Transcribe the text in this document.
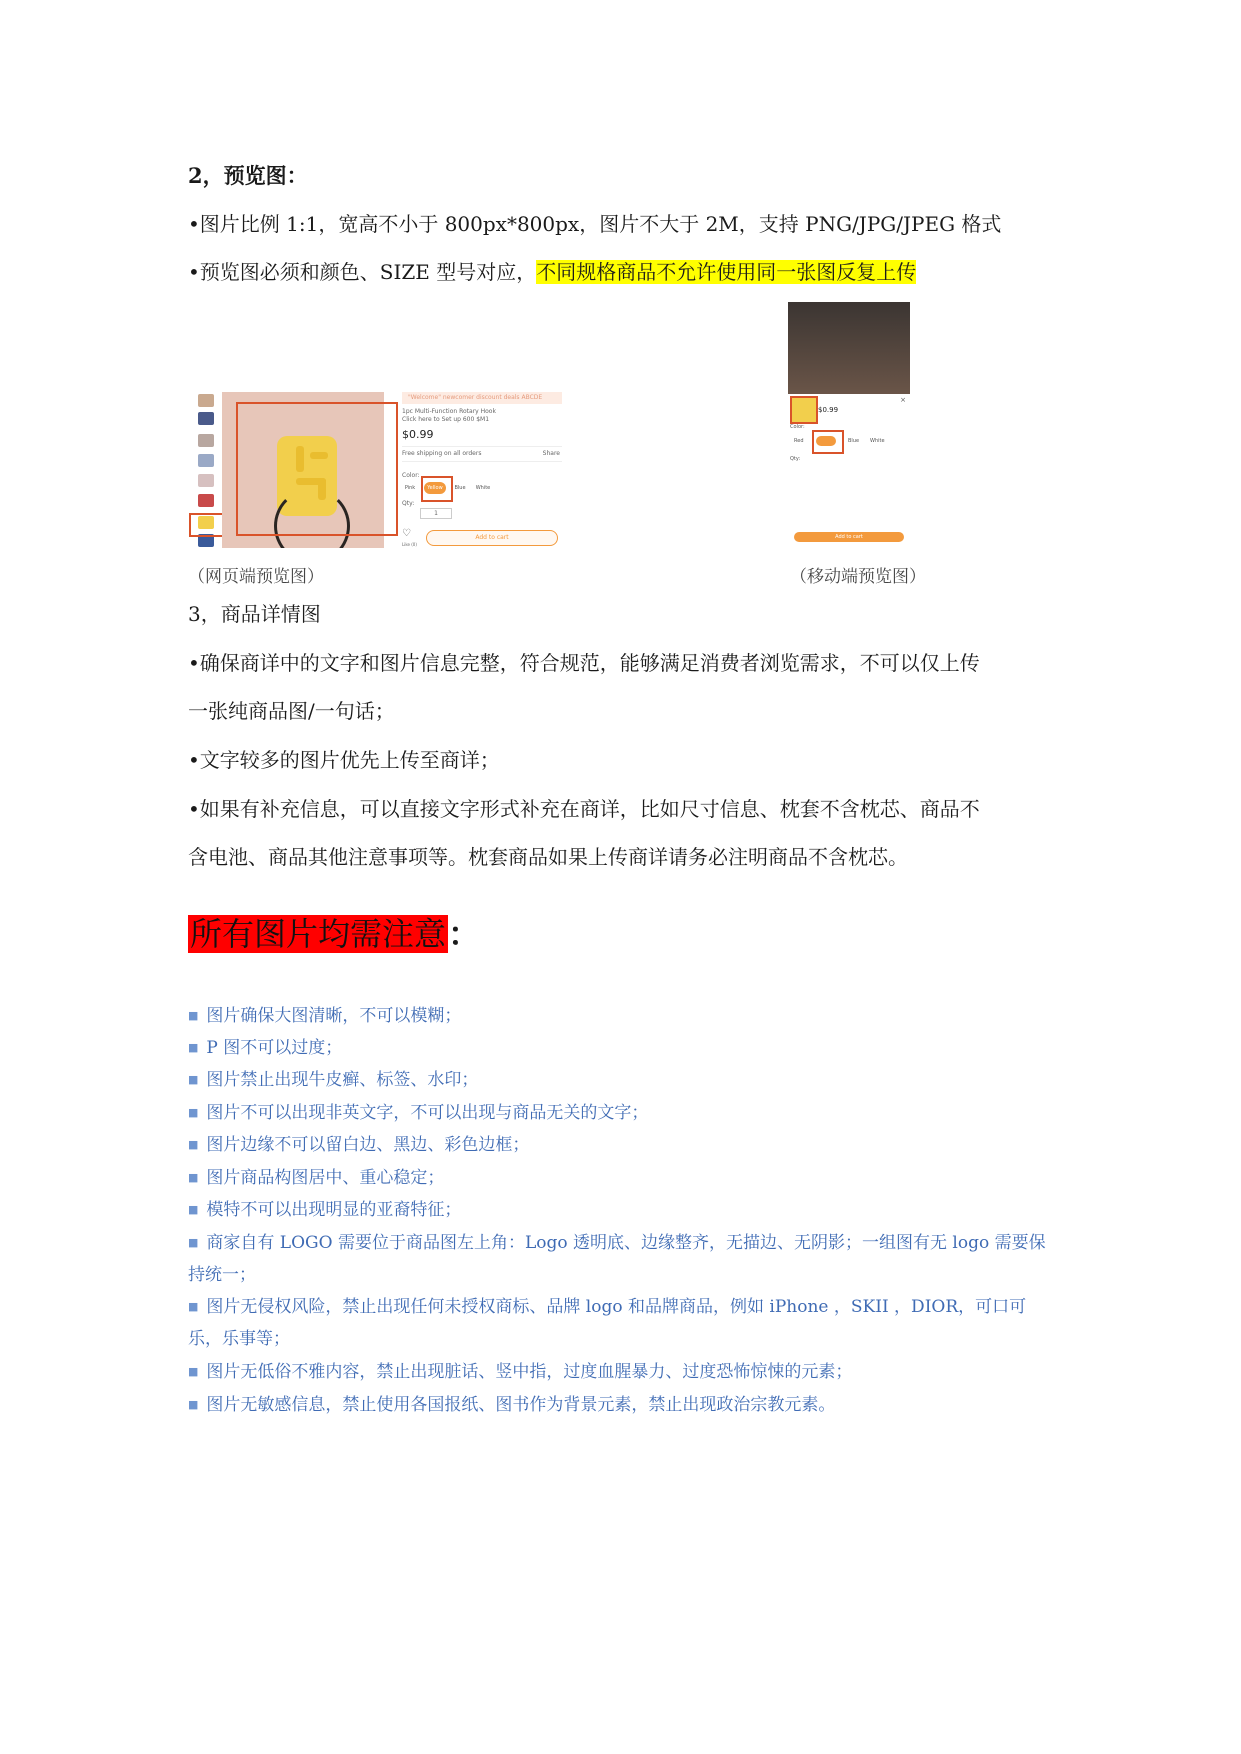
2，预览图：
•图片比例 1:1，宽高不小于 800px*800px，图片不大于 2M，支持 PNG/JPG/JPEG 格式
•预览图必须和颜色、SIZE 型号对应，不同规格商品不允许使用同一张图反复上传
"Welcome" newcomer discount deals ABCDE
1pc Multi-Function Rotary Hook
Click here to Set up 600 $M1
$0.99
Free shipping on all orders	Share
Color:
Pink	Yellow	Blue	White
Qty:
1
♡
Like (0)
Add to cart
$0.99
×
Color:
Red	Blue White
Qty:
Add to cart
（网页端预览图）	（移动端预览图）
3，商品详情图
•确保商详中的文字和图片信息完整，符合规范，能够满足消费者浏览需求，不可以仅上传
一张纯商品图/一句话；
•文字较多的图片优先上传至商详；
•如果有补充信息，可以直接文字形式补充在商详，比如尺寸信息、枕套不含枕芯、商品不
含电池、商品其他注意事项等。枕套商品如果上传商详请务必注明商品不含枕芯。
所有图片均需注意：
■ 图片确保大图清晰，不可以模糊；
■ P 图不可以过度；
■ 图片禁止出现牛皮癣、标签、水印；
■ 图片不可以出现非英文字，不可以出现与商品无关的文字；
■ 图片边缘不可以留白边、黑边、彩色边框；
■ 图片商品构图居中、重心稳定；
■ 模特不可以出现明显的亚裔特征；
■ 商家自有 LOGO 需要位于商品图左上角：Logo 透明底、边缘整齐，无描边、无阴影；一组图有无 logo 需要保持统一；
■ 图片无侵权风险，禁止出现任何未授权商标、品牌 logo 和品牌商品，例如 iPhone ，SKII ，DIOR，可口可乐，乐事等；
■ 图片无低俗不雅内容，禁止出现脏话、竖中指，过度血腥暴力、过度恐怖惊悚的元素；
■ 图片无敏感信息，禁止使用各国报纸、图书作为背景元素，禁止出现政治宗教元素。
